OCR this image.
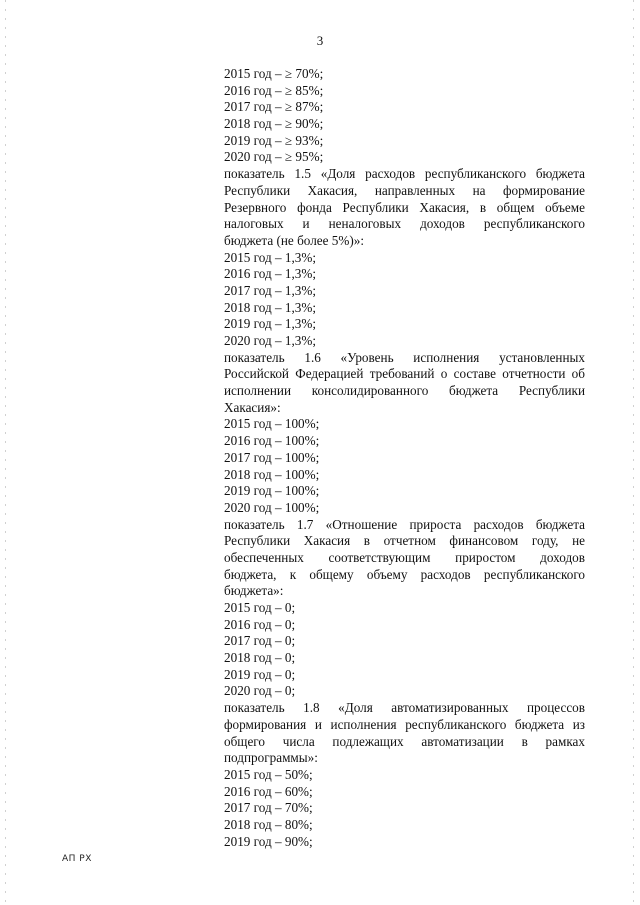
3
2015 год – ≥ 70%;
2016 год – ≥ 85%;
2017 год – ≥ 87%;
2018 год – ≥ 90%;
2019 год – ≥ 93%;
2020 год – ≥ 95%;
показатель 1.5 «Доля расходов республиканского бюджета
Республики Хакасия, направленных на формирование
Резервного фонда Республики Хакасия, в общем объеме
налоговых и неналоговых доходов республиканского
бюджета (не более 5%)»:
2015 год – 1,3%;
2016 год – 1,3%;
2017 год – 1,3%;
2018 год – 1,3%;
2019 год – 1,3%;
2020 год – 1,3%;
показатель 1.6 «Уровень исполнения установленных
Российской Федерацией требований о составе отчетности об
исполнении консолидированного бюджета Республики
Хакасия»:
2015 год – 100%;
2016 год – 100%;
2017 год – 100%;
2018 год – 100%;
2019 год – 100%;
2020 год – 100%;
показатель 1.7 «Отношение прироста расходов бюджета
Республики Хакасия в отчетном финансовом году, не
обеспеченных соответствующим приростом доходов
бюджета, к общему объему расходов республиканского
бюджета»:
2015 год – 0;
2016 год – 0;
2017 год – 0;
2018 год – 0;
2019 год – 0;
2020 год – 0;
показатель 1.8 «Доля автоматизированных процессов
формирования и исполнения республиканского бюджета из
общего числа подлежащих автоматизации в рамках
подпрограммы»:
2015 год – 50%;
2016 год – 60%;
2017 год – 70%;
2018 год – 80%;
2019 год – 90%;
АП РХ
